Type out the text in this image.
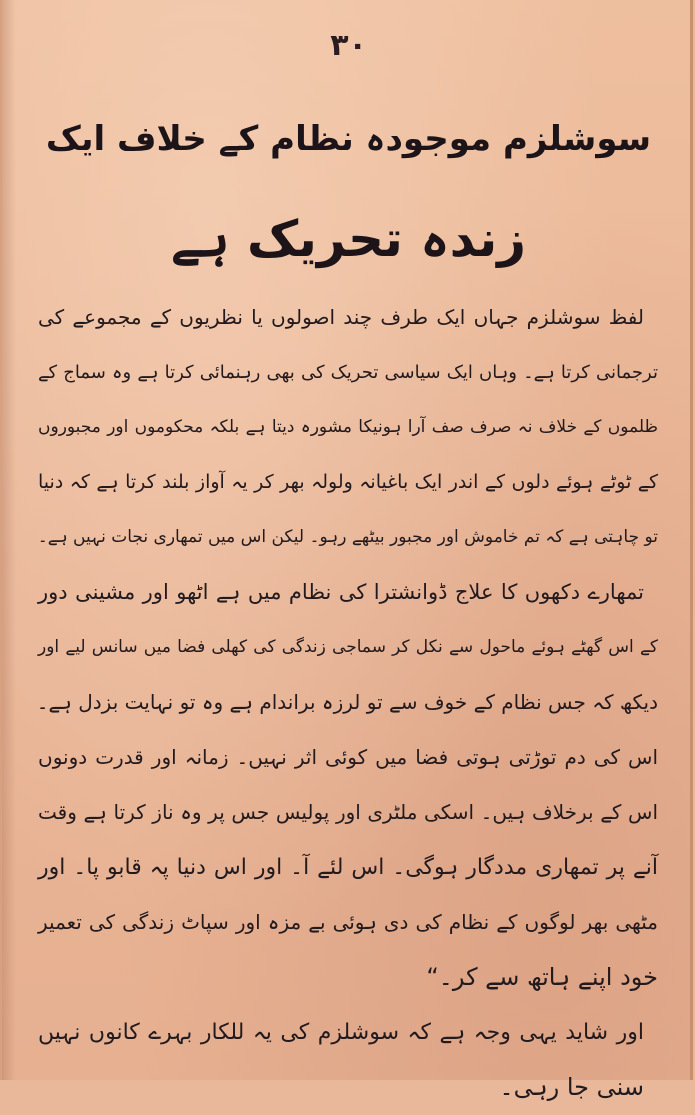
۳۰
سوشلزم موجودہ نظام کے خلاف ایک
زندہ تحریک ہے
لفظ سوشلزم جہاں ایک طرف چند اصولوں یا نظریوں کے مجموعے کی
ترجمانی کرتا ہے۔ وہاں ایک سیاسی تحریک کی بھی رہنمائی کرتا ہے وہ سماج کے
ظلموں کے خلاف نہ صرف صف آرا ہونیکا مشورہ دیتا ہے بلکہ محکوموں اور مجبوروں
کے ٹوٹے ہوئے دلوں کے اندر ایک باغیانہ ولولہ بھر کر یہ آواز بلند کرتا ہے کہ دنیا
تو چاہتی ہے کہ تم خاموش اور مجبور بیٹھے رہو۔ لیکن اس میں تمھاری نجات نہیں ہے۔
تمھارے دکھوں کا علاج ڈوانشترا کی نظام میں ہے اٹھو اور مشینی دور
کے اس گھٹے ہوئے ماحول سے نکل کر سماجی زندگی کی کھلی فضا میں سانس لیے اور
دیکھ کہ جس نظام کے خوف سے تو لرزہ براندام ہے وہ تو نہایت بزدل ہے۔
اس کی دم توڑتی ہوتی فضا میں کوئی اثر نہیں۔ زمانہ اور قدرت دونوں
اس کے برخلاف ہیں۔ اسکی ملٹری اور پولیس جس پر وہ ناز کرتا ہے وقت
آنے پر تمھاری مددگار ہوگی۔ اس لئے آ۔ اور اس دنیا پہ قابو پا۔ اور
مٹھی بھر لوگوں کے نظام کی دی ہوئی بے مزہ اور سپاٹ زندگی کی تعمیر
خود اپنے ہاتھ سے کر۔“
اور شاید یہی وجہ ہے کہ سوشلزم کی یہ للکار بہرے کانوں نہیں
سنی جا رہی۔
